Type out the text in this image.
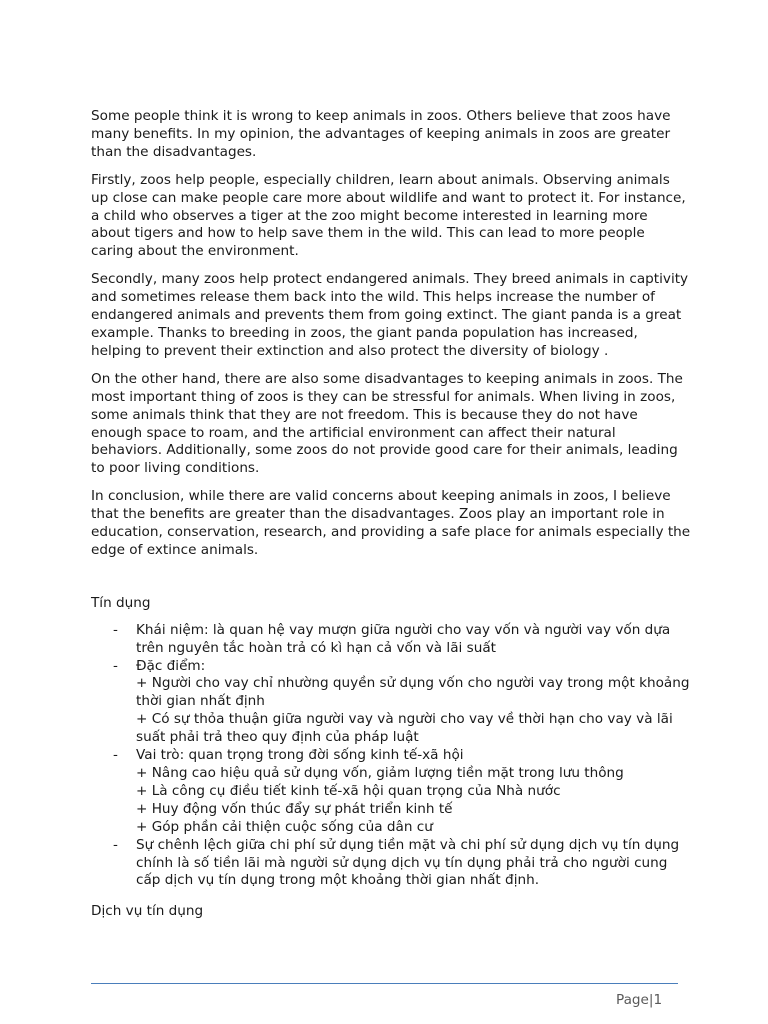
Some people think it is wrong to keep animals in zoos. Others believe that zoos have many benefits. In my opinion, the advantages of keeping animals in zoos are greater than the disadvantages.

Firstly, zoos help people, especially children, learn about animals. Observing animals up close can make people care more about wildlife and want to protect it. For instance, a child who observes a tiger at the zoo might become interested in learning more about tigers and how to help save them in the wild. This can lead to more people caring about the environment.

Secondly, many zoos help protect endangered animals. They breed animals in captivity and sometimes release them back into the wild. This helps increase the number of endangered animals and prevents them from going extinct. The giant panda is a great example. Thanks to breeding in zoos, the giant panda population has increased, helping to prevent their extinction and also protect the diversity of biology .

On the other hand, there are also some disadvantages to keeping animals in zoos. The most important thing of zoos is they can be stressful for animals. When living in zoos, some animals think that they are not freedom. This is because they do not have enough space to roam, and the artificial environment can affect their natural behaviors. Additionally, some zoos do not provide good care for their animals, leading to poor living conditions.

In conclusion, while there are valid concerns about keeping animals in zoos, I believe that the benefits are greater than the disadvantages. Zoos play an important role in education, conservation, research, and providing a safe place for animals especially the edge of extince animals.

Tín dụng

- Khái niệm: là quan hệ vay mượn giữa người cho vay vốn và người vay vốn dựa trên nguyên tắc hoàn trả có kì hạn cả vốn và lãi suất
- Đặc điểm:
+ Người cho vay chỉ nhường quyền sử dụng vốn cho người vay trong một khoảng thời gian nhất định
+ Có sự thỏa thuận giữa người vay và người cho vay về thời hạn cho vay và lãi suất phải trả theo quy định của pháp luật
- Vai trò: quan trọng trong đời sống kinh tế-xã hội
+ Nâng cao hiệu quả sử dụng vốn, giảm lượng tiền mặt trong lưu thông
+ Là công cụ điều tiết kinh tế-xã hội quan trọng của Nhà nước
+ Huy động vốn thúc đẩy sự phát triển kinh tế
+ Góp phần cải thiện cuộc sống của dân cư
- Sự chênh lệch giữa chi phí sử dụng tiền mặt và chi phí sử dụng dịch vụ tín dụng chính là số tiền lãi mà người sử dụng dịch vụ tín dụng phải trả cho người cung cấp dịch vụ tín dụng trong một khoảng thời gian nhất định.

Dịch vụ tín dụng

Page|1
